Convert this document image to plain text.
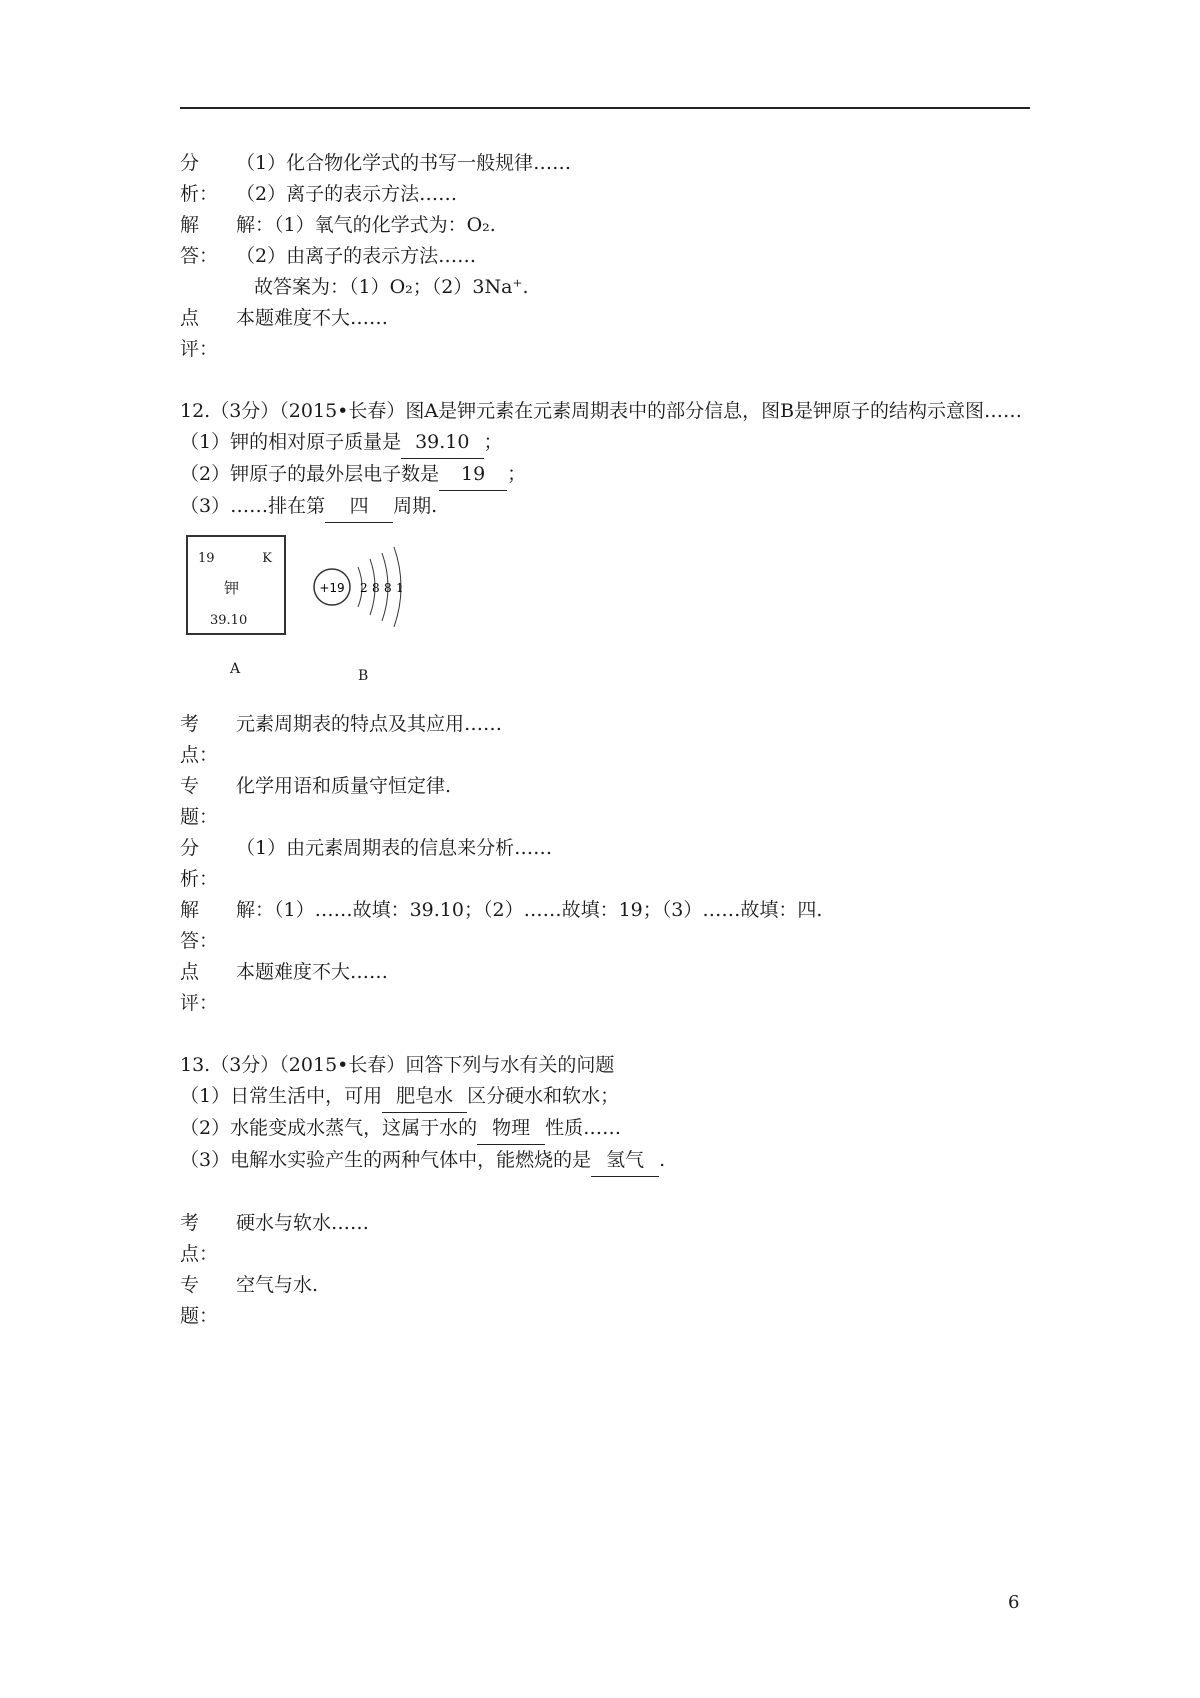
分析：
（1）化合物化学式的书写一般规律……
（2）离子的表示方法……
解答：
解：（1）氧气的化学式为：O₂.
（2）由离子的表示方法……
故答案为：（1）O₂；（2）3Na⁺.
点评：
本题难度不大……
12.（3分）（2015•长春）图A是钾元素在元素周期表中的部分信息，图B是钾原子的结构示意图……
（1）钾的相对原子质量是 39.10 ；
（2）钾原子的最外层电子数是 19 ；
（3）……排在第 四 周期.
19	K
钾
39.10
A
+19 2 8 8 1
B
考点：
元素周期表的特点及其应用……
专题：
化学用语和质量守恒定律.
分析：
（1）由元素周期表的信息来分析……
解答：
解：（1）……故填：39.10；（2）……故填：19；（3）……故填：四.
点评：
本题难度不大……
13.（3分）（2015•长春）回答下列与水有关的问题
（1）日常生活中，可用 肥皂水 区分硬水和软水；
（2）水能变成水蒸气，这属于水的 物理 性质……
（3）电解水实验产生的两种气体中，能燃烧的是 氢气 .
考点：
硬水与软水……
专题：
空气与水.
6
